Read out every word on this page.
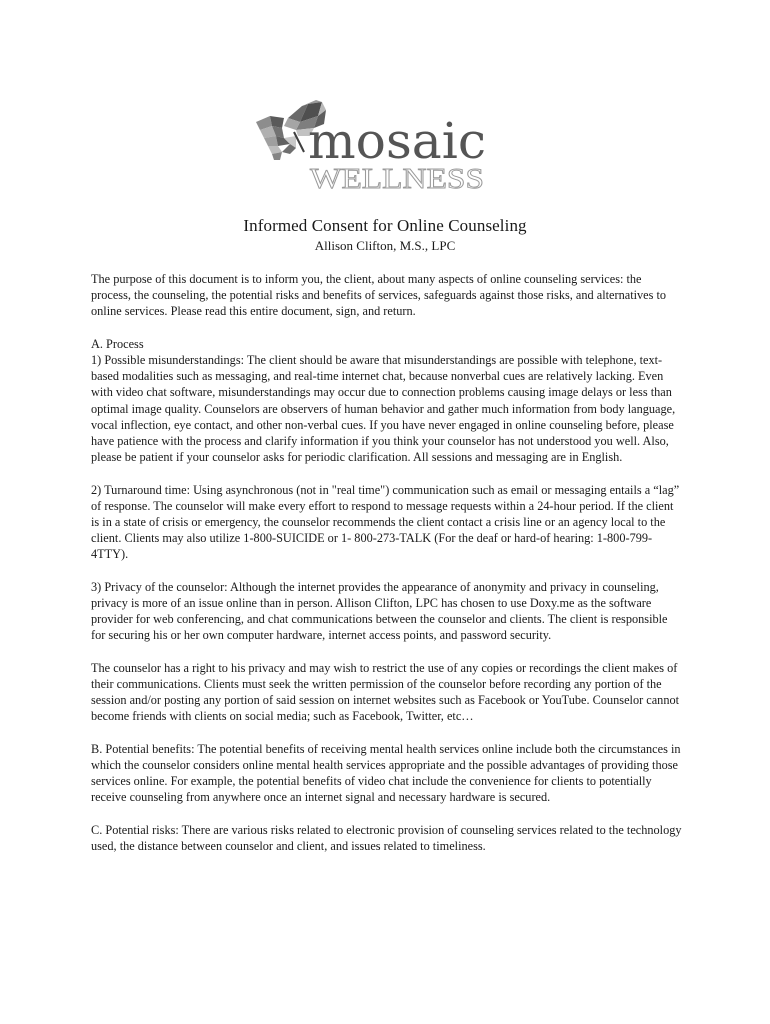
mosaic
WELLNESS
Informed Consent for Online Counseling
Allison Clifton, M.S., LPC

The purpose of this document is to inform you, the client, about many aspects of online counseling services: the process, the counseling, the potential risks and benefits of services, safeguards against those risks, and alternatives to online services. Please read this entire document, sign, and return.

A. Process
1) Possible misunderstandings: The client should be aware that misunderstandings are possible with telephone, text-based modalities such as messaging, and real-time internet chat, because nonverbal cues are relatively lacking. Even with video chat software, misunderstandings may occur due to connection problems causing image delays or less than optimal image quality. Counselors are observers of human behavior and gather much information from body language, vocal inflection, eye contact, and other non-verbal cues. If you have never engaged in online counseling before, please have patience with the process and clarify information if you think your counselor has not understood you well. Also, please be patient if your counselor asks for periodic clarification. All sessions and messaging are in English.

2) Turnaround time: Using asynchronous (not in "real time") communication such as email or messaging entails a “lag” of response. The counselor will make every effort to respond to message requests within a 24-hour period. If the client is in a state of crisis or emergency, the counselor recommends the client contact a crisis line or an agency local to the client. Clients may also utilize 1-800-SUICIDE or 1- 800-273-TALK (For the deaf or hard-of hearing: 1-800-799-4TTY).

3) Privacy of the counselor: Although the internet provides the appearance of anonymity and privacy in counseling, privacy is more of an issue online than in person. Allison Clifton, LPC has chosen to use Doxy.me as the software provider for web conferencing, and chat communications between the counselor and clients. The client is responsible for securing his or her own computer hardware, internet access points, and password security.

The counselor has a right to his privacy and may wish to restrict the use of any copies or recordings the client makes of their communications. Clients must seek the written permission of the counselor before recording any portion of the session and/or posting any portion of said session on internet websites such as Facebook or YouTube. Counselor cannot become friends with clients on social media; such as Facebook, Twitter, etc…

B. Potential benefits: The potential benefits of receiving mental health services online include both the circumstances in which the counselor considers online mental health services appropriate and the possible advantages of providing those services online. For example, the potential benefits of video chat include the convenience for clients to potentially receive counseling from anywhere once an internet signal and necessary hardware is secured.

C. Potential risks: There are various risks related to electronic provision of counseling services related to the technology used, the distance between counselor and client, and issues related to timeliness.
